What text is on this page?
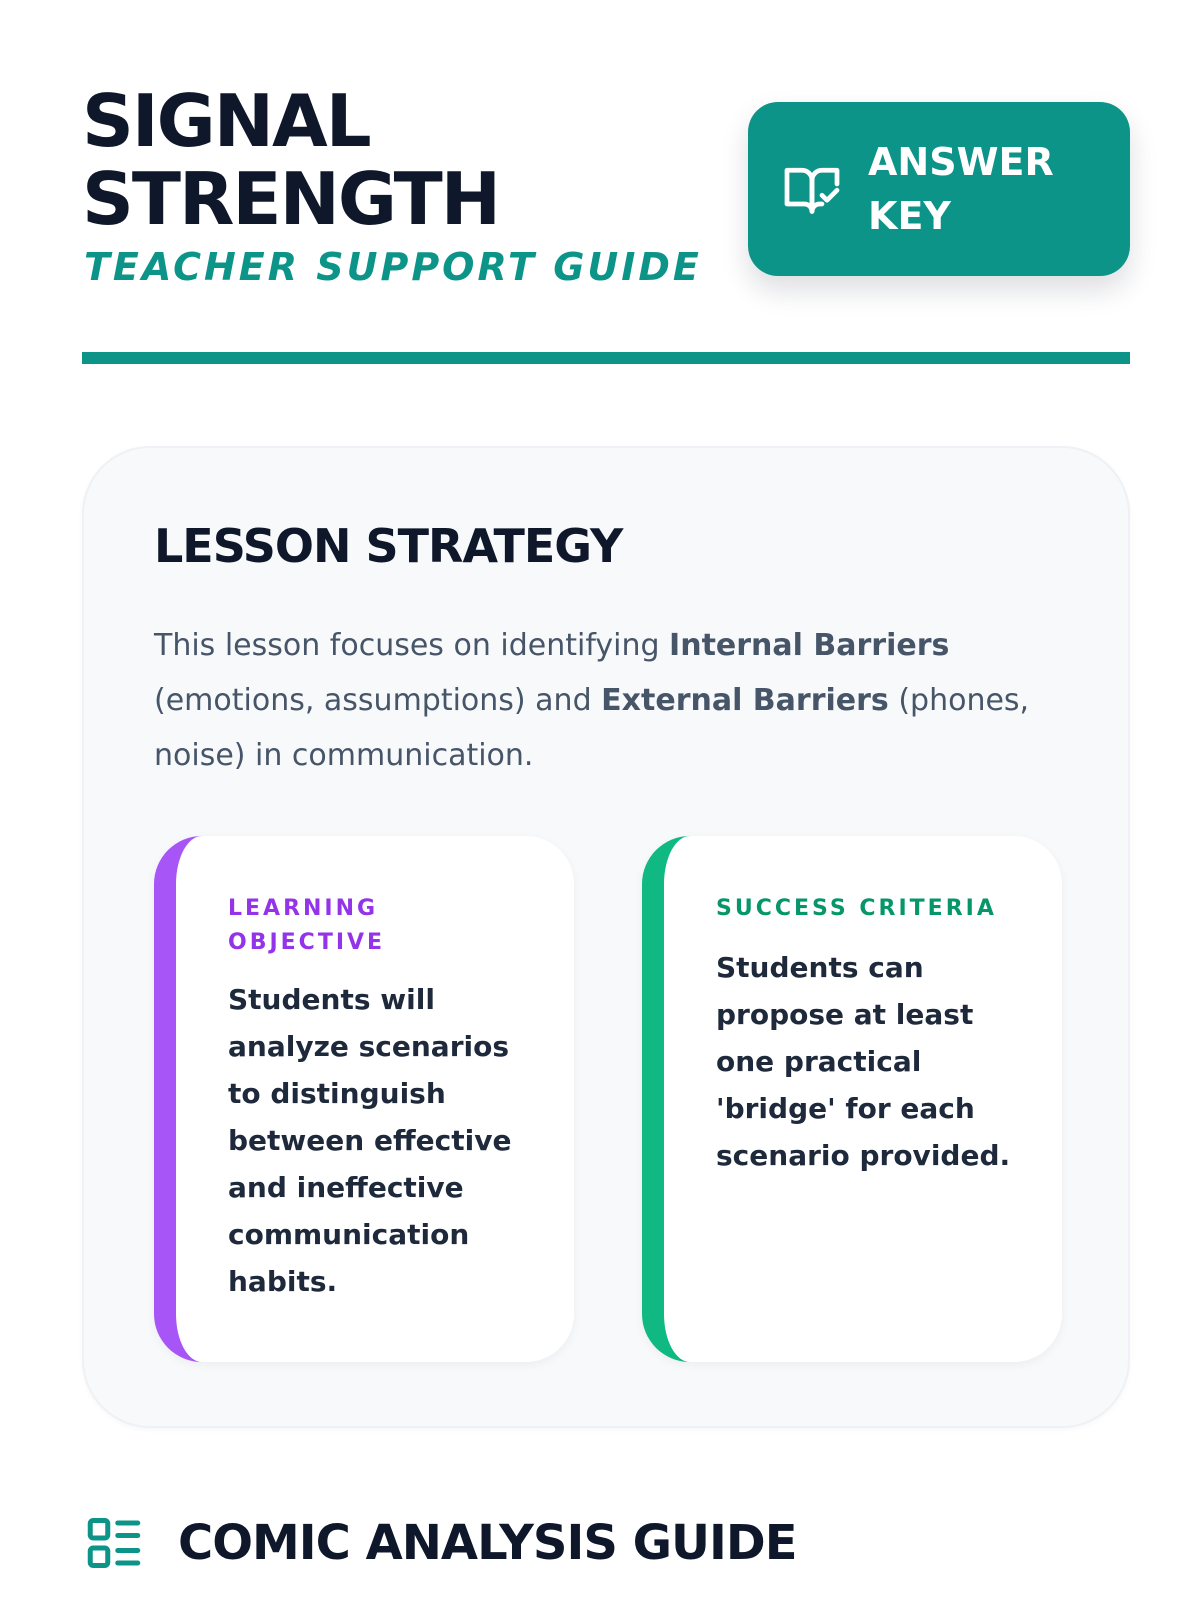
SIGNAL STRENGTH

TEACHER SUPPORT GUIDE

ANSWER KEY
LESSON STRATEGY

This lesson focuses on identifying Internal Barriers (emotions, assumptions) and External Barriers (phones, noise) in communication.

LEARNING OBJECTIVE

Students will analyze scenarios to distinguish between effective and ineffective communication habits.

SUCCESS CRITERIA

Students can propose at least one practical 'bridge' for each scenario provided.

COMIC ANALYSIS GUIDE
